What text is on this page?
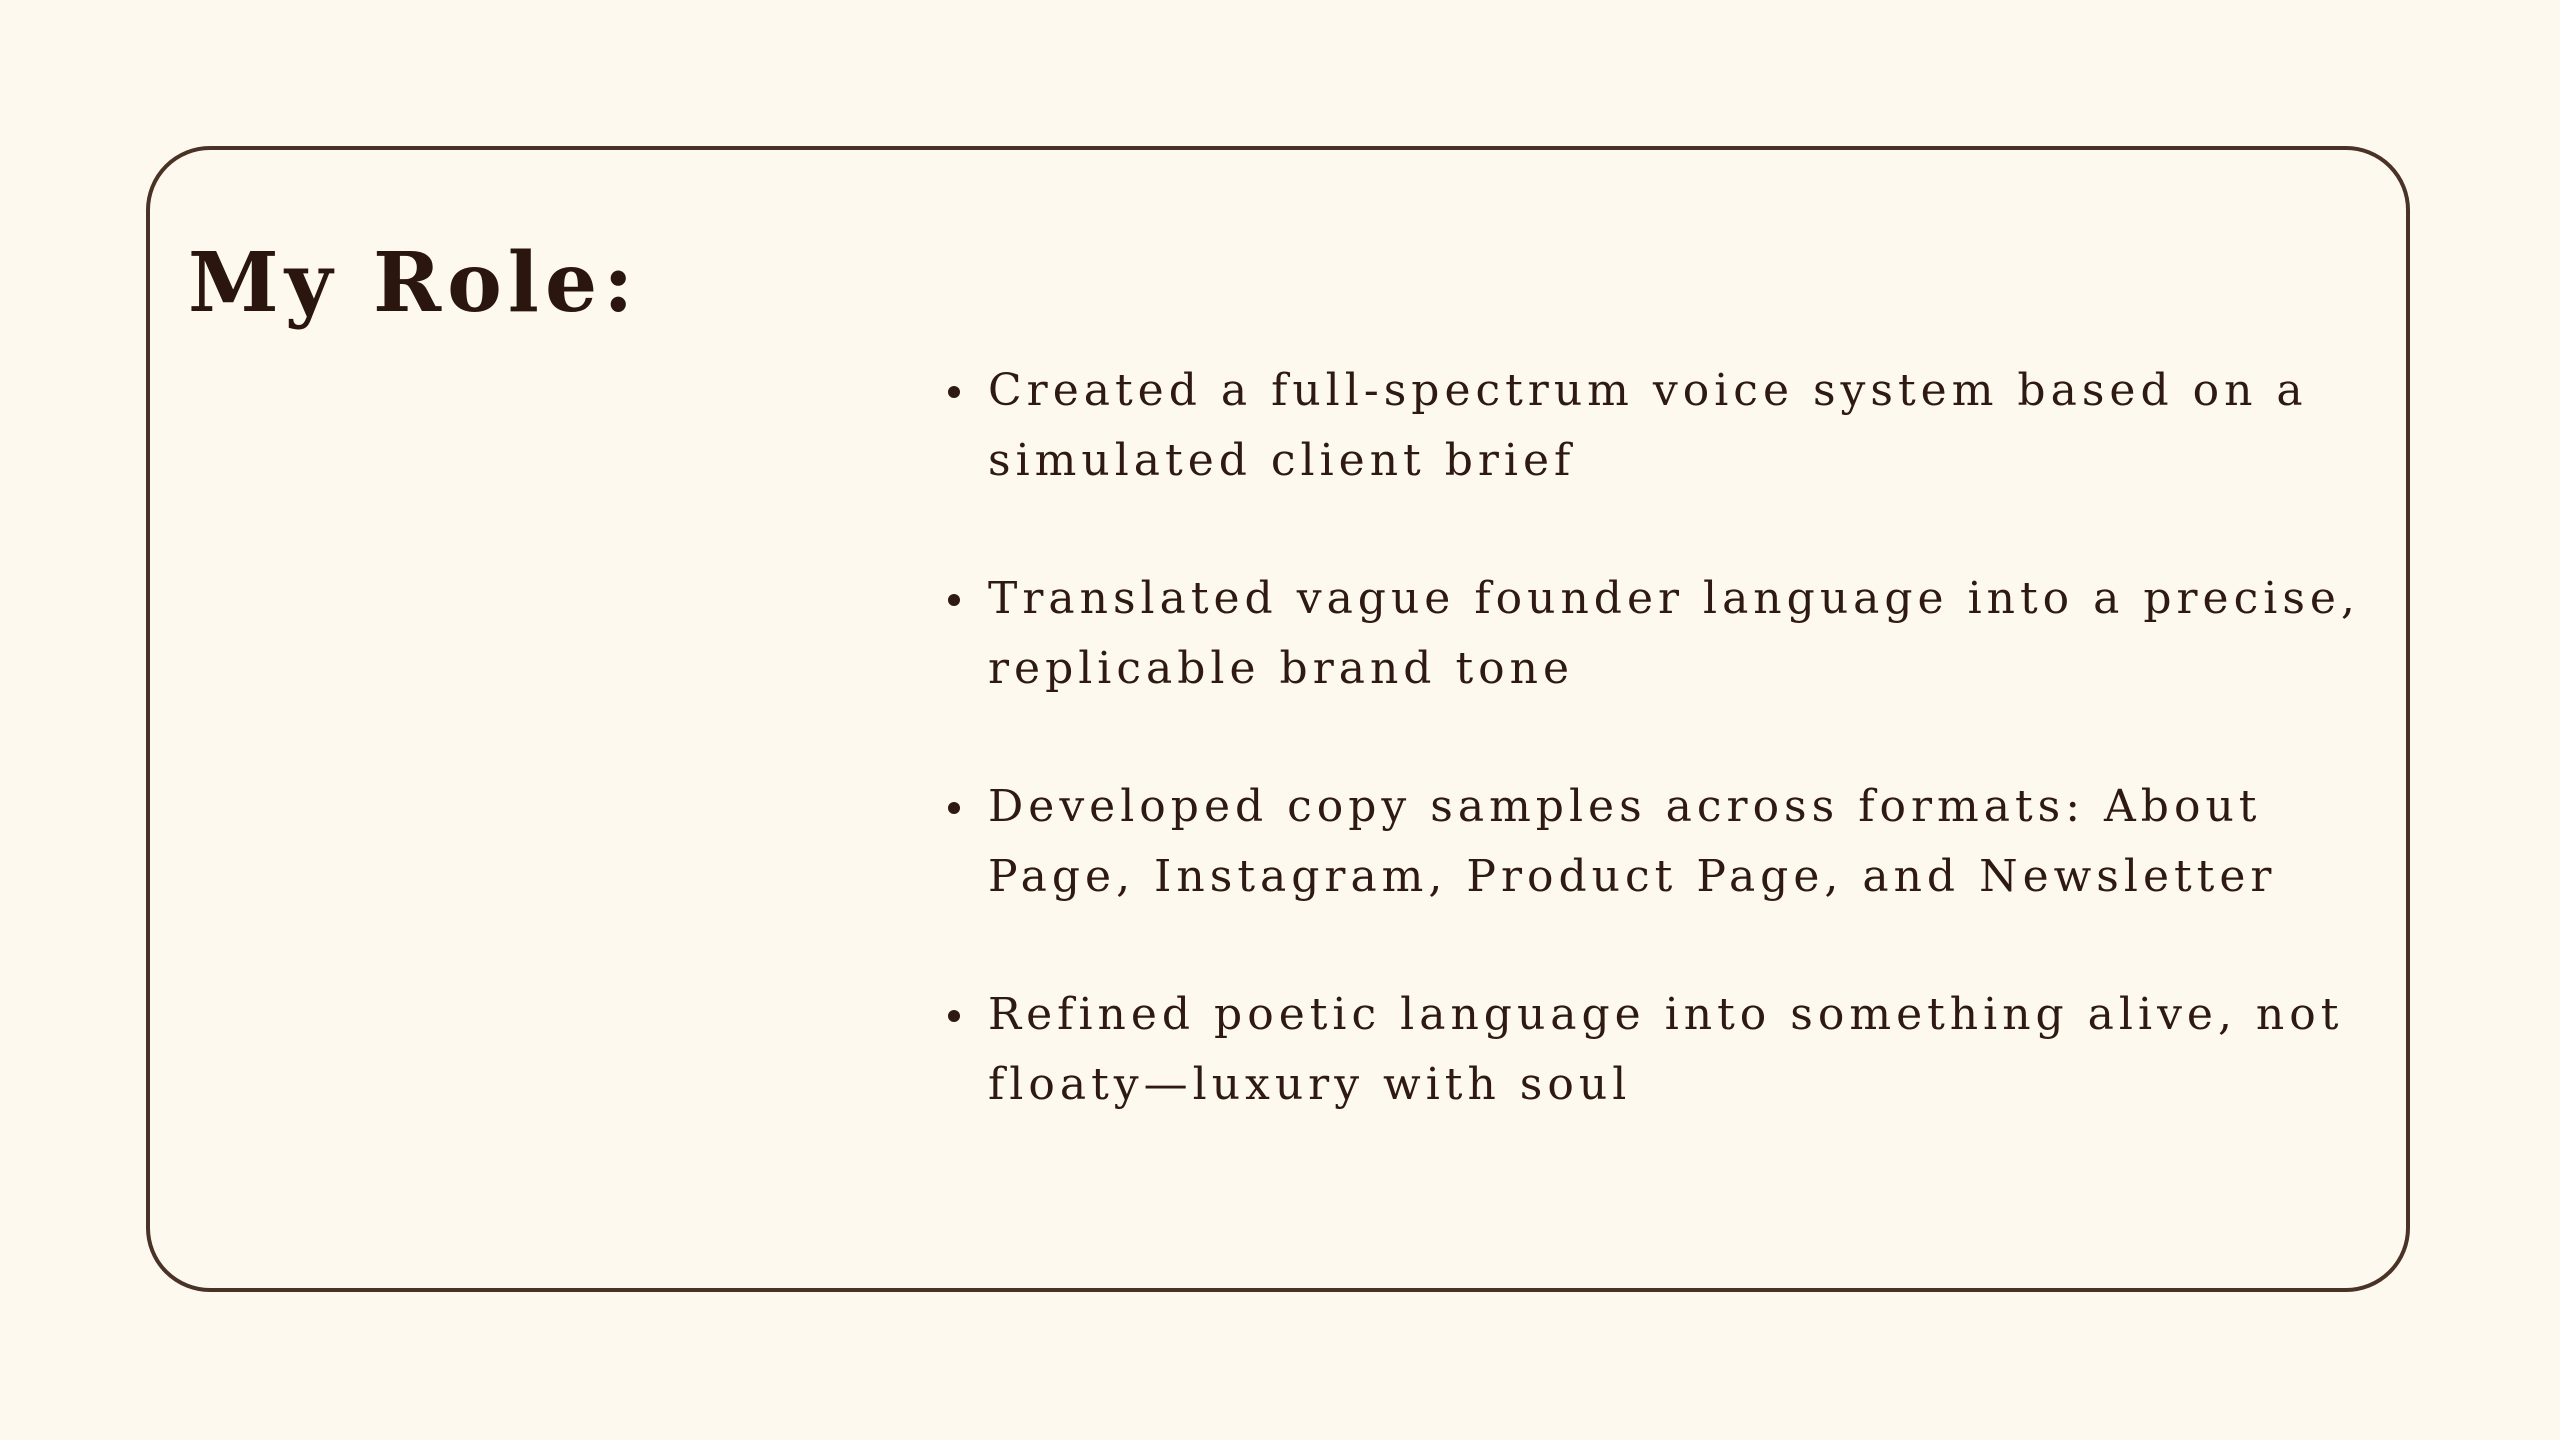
My Role:
Created a full-spectrum voice system based on a simulated client brief
Translated vague founder language into a precise, replicable brand tone
Developed copy samples across formats: About Page, Instagram, Product Page, and Newsletter
Refined poetic language into something alive, not floaty—luxury with soul
